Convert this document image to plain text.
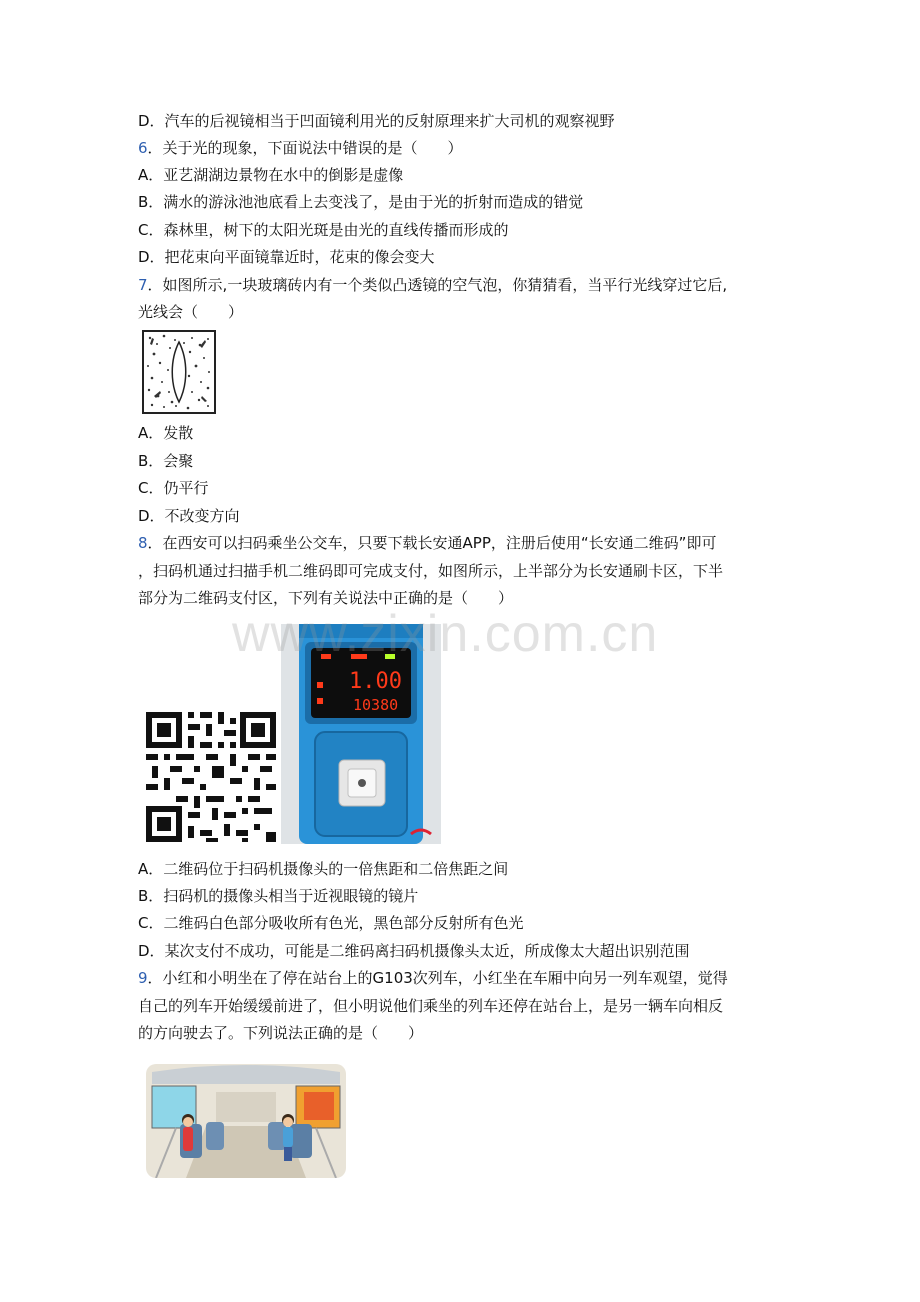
D．汽车的后视镜相当于凹面镜利用光的反射原理来扩大司机的观察视野
6．关于光的现象，下面说法中错误的是（　　）
A．亚艺湖湖边景物在水中的倒影是虚像
B．满水的游泳池池底看上去变浅了，是由于光的折射而造成的错觉
C．森林里，树下的太阳光斑是由光的直线传播而形成的
D．把花束向平面镜靠近时，花束的像会变大
7．如图所示,一块玻璃砖内有一个类似凸透镜的空气泡，你猜猜看，当平行光线穿过它后,
光线会（　　）
A．发散
B．会聚
C．仍平行
D．不改变方向
8．在西安可以扫码乘坐公交车，只要下载长安通APP，注册后使用“长安通二维码”即可
，扫码机通过扫描手机二维码即可完成支付，如图所示，上半部分为长安通刷卡区，下半
部分为二维码支付区，下列有关说法中正确的是（　　）
1.00
10380
A．二维码位于扫码机摄像头的一倍焦距和二倍焦距之间
B．扫码机的摄像头相当于近视眼镜的镜片
C．二维码白色部分吸收所有色光，黑色部分反射所有色光
D．某次支付不成功，可能是二维码离扫码机摄像头太近，所成像太大超出识别范围
9．小红和小明坐在了停在站台上的G103次列车，小红坐在车厢中向另一列车观望，觉得
自己的列车开始缓缓前进了，但小明说他们乘坐的列车还停在站台上，是另一辆车向相反
的方向驶去了。下列说法正确的是（　　）
www.zixin.com.cn
